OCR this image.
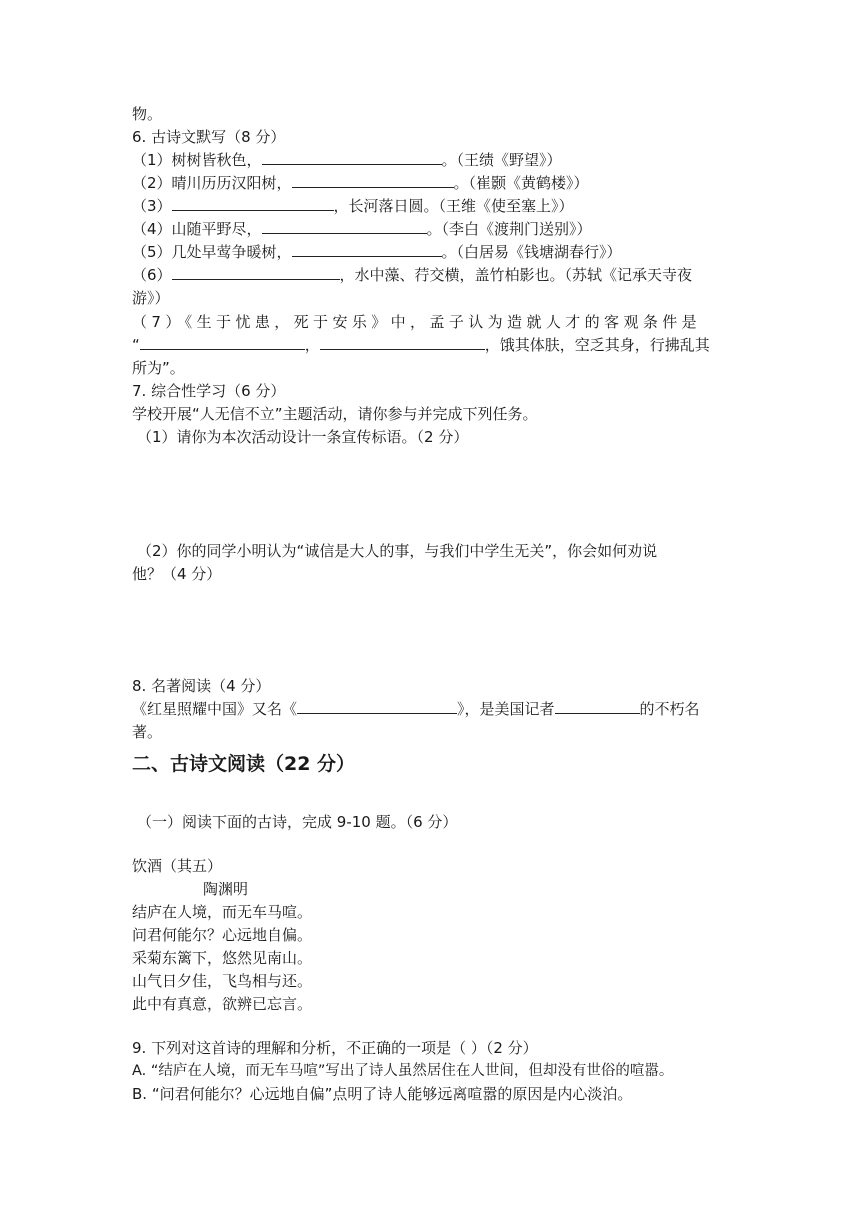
物。
6. 古诗文默写（8 分）
（1）树树皆秋色，	。（王绩《野望》）
（2）晴川历历汉阳树，	。（崔颢《黄鹤楼》）
（3）	，长河落日圆。（王维《使至塞上》）
（4）山随平野尽，	。（李白《渡荆门送别》）
（5）几处早莺争暖树，	。（白居易《钱塘湖春行》）
（6）	，水中藻、荇交横，盖竹柏影也。（苏轼《记承天寺夜
游》）
（7）《生于忧患，死于安乐》中，孟子认为造就人才的客观条件是
“	，	，饿其体肤，空乏其身，行拂乱其
所为”。
7. 综合性学习（6 分）
学校开展“人无信不立”主题活动，请你参与并完成下列任务。
（1）请你为本次活动设计一条宣传标语。（2 分）
（2）你的同学小明认为“诚信是大人的事，与我们中学生无关”，你会如何劝说
他？（4 分）
8. 名著阅读（4 分）
《红星照耀中国》又名《	》，是美国记者	的不朽名
著。
二、古诗文阅读（22 分）
（一）阅读下面的古诗，完成 9-10 题。（6 分）
饮酒（其五）
陶渊明
结庐在人境，而无车马喧。
问君何能尔？心远地自偏。
采菊东篱下，悠然见南山。
山气日夕佳，飞鸟相与还。
此中有真意，欲辨已忘言。
9. 下列对这首诗的理解和分析，不正确的一项是（ ）（2 分）
A. “结庐在人境，而无车马喧”写出了诗人虽然居住在人世间，但却没有世俗的喧嚣。
B. “问君何能尔？心远地自偏”点明了诗人能够远离喧嚣的原因是内心淡泊。
